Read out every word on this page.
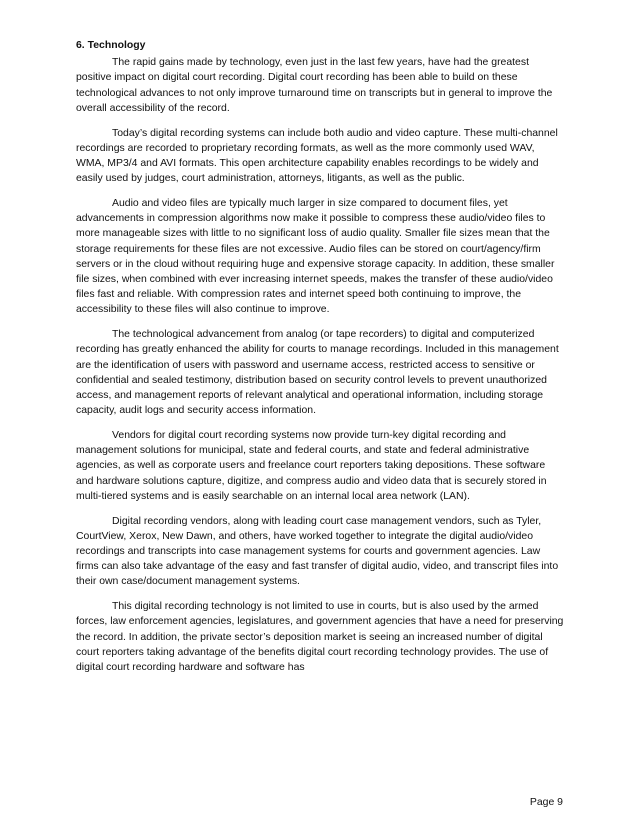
6. Technology

The rapid gains made by technology, even just in the last few years, have had the greatest positive impact on digital court recording. Digital court recording has been able to build on these technological advances to not only improve turnaround time on transcripts but in general to improve the overall accessibility of the record.

Today’s digital recording systems can include both audio and video capture. These multi-channel recordings are recorded to proprietary recording formats, as well as the more commonly used WAV, WMA, MP3/4 and AVI formats. This open architecture capability enables recordings to be widely and easily used by judges, court administration, attorneys, litigants, as well as the public.

Audio and video files are typically much larger in size compared to document files, yet advancements in compression algorithms now make it possible to compress these audio/video files to more manageable sizes with little to no significant loss of audio quality. Smaller file sizes mean that the storage requirements for these files are not excessive. Audio files can be stored on court/agency/firm servers or in the cloud without requiring huge and expensive storage capacity. In addition, these smaller file sizes, when combined with ever increasing internet speeds, makes the transfer of these audio/video files fast and reliable. With compression rates and internet speed both continuing to improve, the accessibility to these files will also continue to improve.

The technological advancement from analog (or tape recorders) to digital and computerized recording has greatly enhanced the ability for courts to manage recordings. Included in this management are the identification of users with password and username access, restricted access to sensitive or confidential and sealed testimony, distribution based on security control levels to prevent unauthorized access, and management reports of relevant analytical and operational information, including storage capacity, audit logs and security access information.

Vendors for digital court recording systems now provide turn-key digital recording and management solutions for municipal, state and federal courts, and state and federal administrative agencies, as well as corporate users and freelance court reporters taking depositions. These software and hardware solutions capture, digitize, and compress audio and video data that is securely stored in multi-tiered systems and is easily searchable on an internal local area network (LAN).

Digital recording vendors, along with leading court case management vendors, such as Tyler, CourtView, Xerox, New Dawn, and others, have worked together to integrate the digital audio/video recordings and transcripts into case management systems for courts and government agencies. Law firms can also take advantage of the easy and fast transfer of digital audio, video, and transcript files into their own case/document management systems.

This digital recording technology is not limited to use in courts, but is also used by the armed forces, law enforcement agencies, legislatures, and government agencies that have a need for preserving the record. In addition, the private sector’s deposition market is seeing an increased number of digital court reporters taking advantage of the benefits digital court recording technology provides. The use of digital court recording hardware and software has

Page 9
